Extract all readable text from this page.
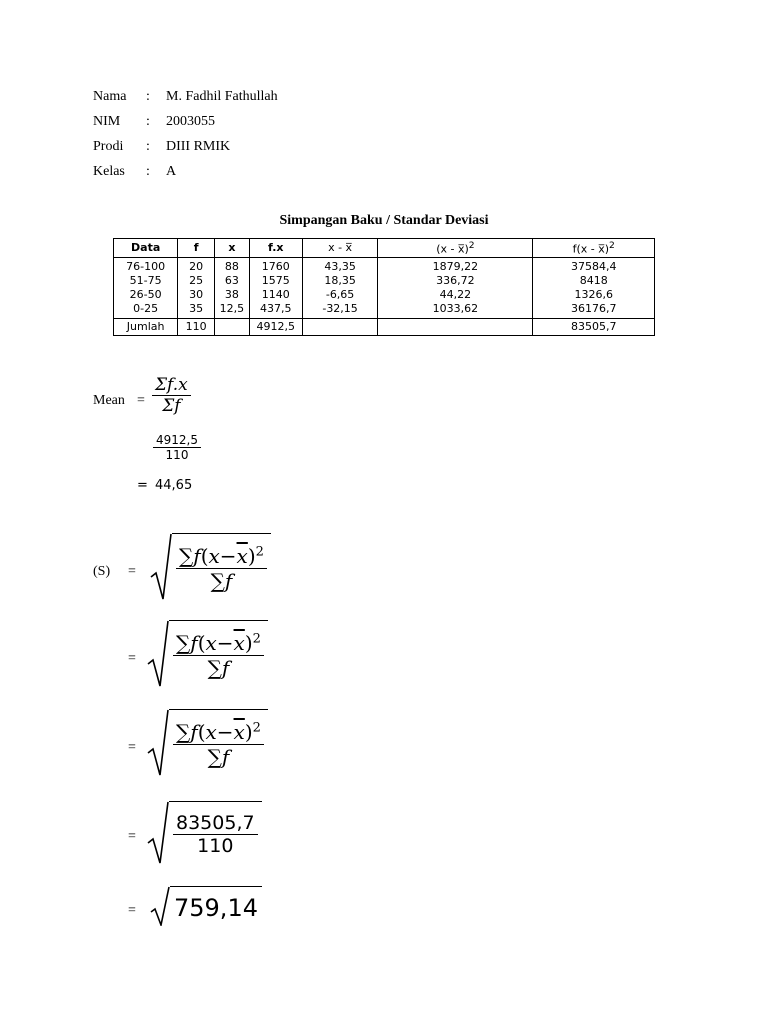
Nama : M. Fadhil Fathullah
NIM : 2003055
Prodi : DIII RMIK
Kelas : A
Simpangan Baku / Standar Deviasi
Data	f	x	f.x	x - x̅	(x - x̅)$^2$	f(x - x̅)$^2$
76-100	20	88	1760	43,35	1879,22	37584,4
51-75	25	63	1575	18,35	336,72	8418
26-50	30	38	1140	-6,65	44,22	1326,6
0-25	35	12,5	437,5	-32,15	1033,62	36176,7
Jumlah	110		4912,5			83505,7
Mean = $\frac{\Sigma f.x}{\Sigma f}$
$\frac{4912,5}{110}$
= 44,65
$(S) = \frac{\sum f(x-\overline{x})^2}{\sum f}$
= $\frac{\sum f(x-\overline{x})^2}{\sum f}$
= $\frac{\sum f(x-\overline{x})^2}{\sum f}$
= $\frac{83505,7}{110}$
= 759,14
